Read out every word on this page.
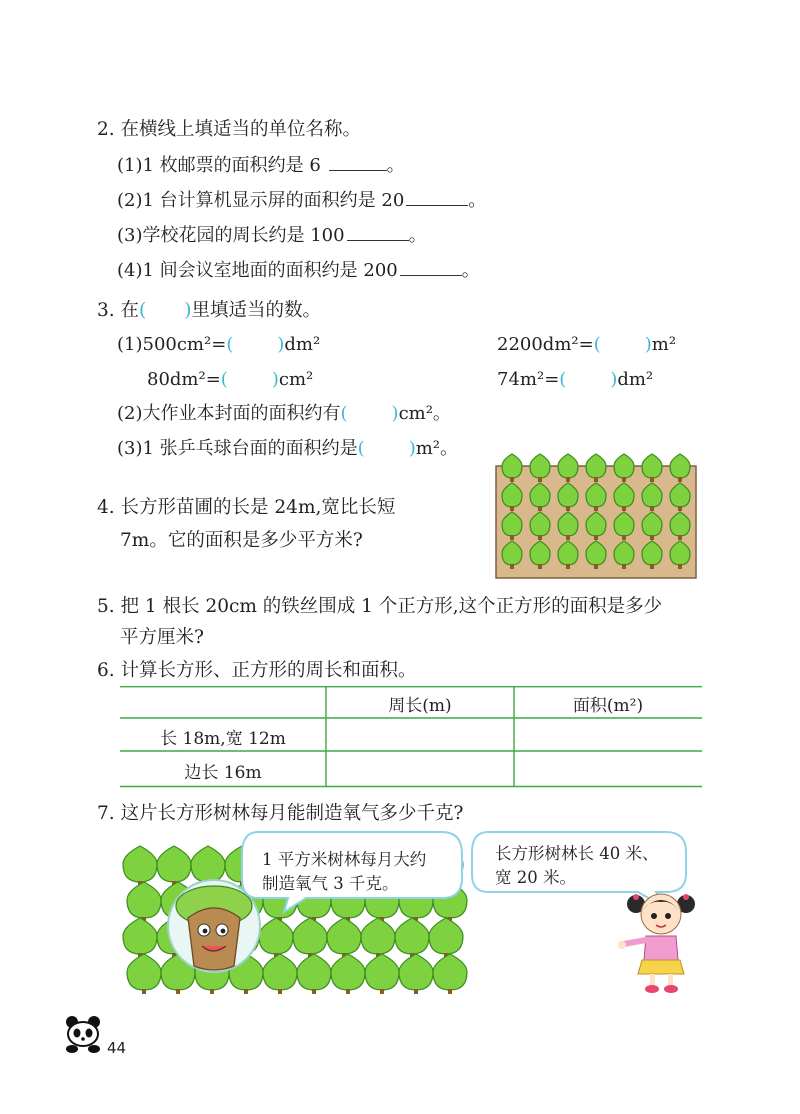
2. 在横线上填适当的单位名称。
(1)1 枚邮票的面积约是 6	。
(2)1 台计算机显示屏的面积约是 20	。
(3)学校花园的周长约是 100	。
(4)1 间会议室地面的面积约是 200	。
3. 在( )里填适当的数。
(1)500cm²=( )dm²	2200dm²=( )m²
80dm²=( )cm²	74m²=( )dm²
(2)大作业本封面的面积约有( )cm²。
(3)1 张乒乓球台面的面积约是( )m²。
4. 长方形苗圃的长是 24m,宽比长短
7m。它的面积是多少平方米?
5. 把 1 根长 20cm 的铁丝围成 1 个正方形,这个正方形的面积是多少
平方厘米?
6. 计算长方形、正方形的周长和面积。
周长(m)	面积(m²)
长 18m,宽 12m
边长 16m
7. 这片长方形树林每月能制造氧气多少千克?
1 平方米树林每月大约
制造氧气 3 千克。
长方形树林长 40 米、
宽 20 米。
44
